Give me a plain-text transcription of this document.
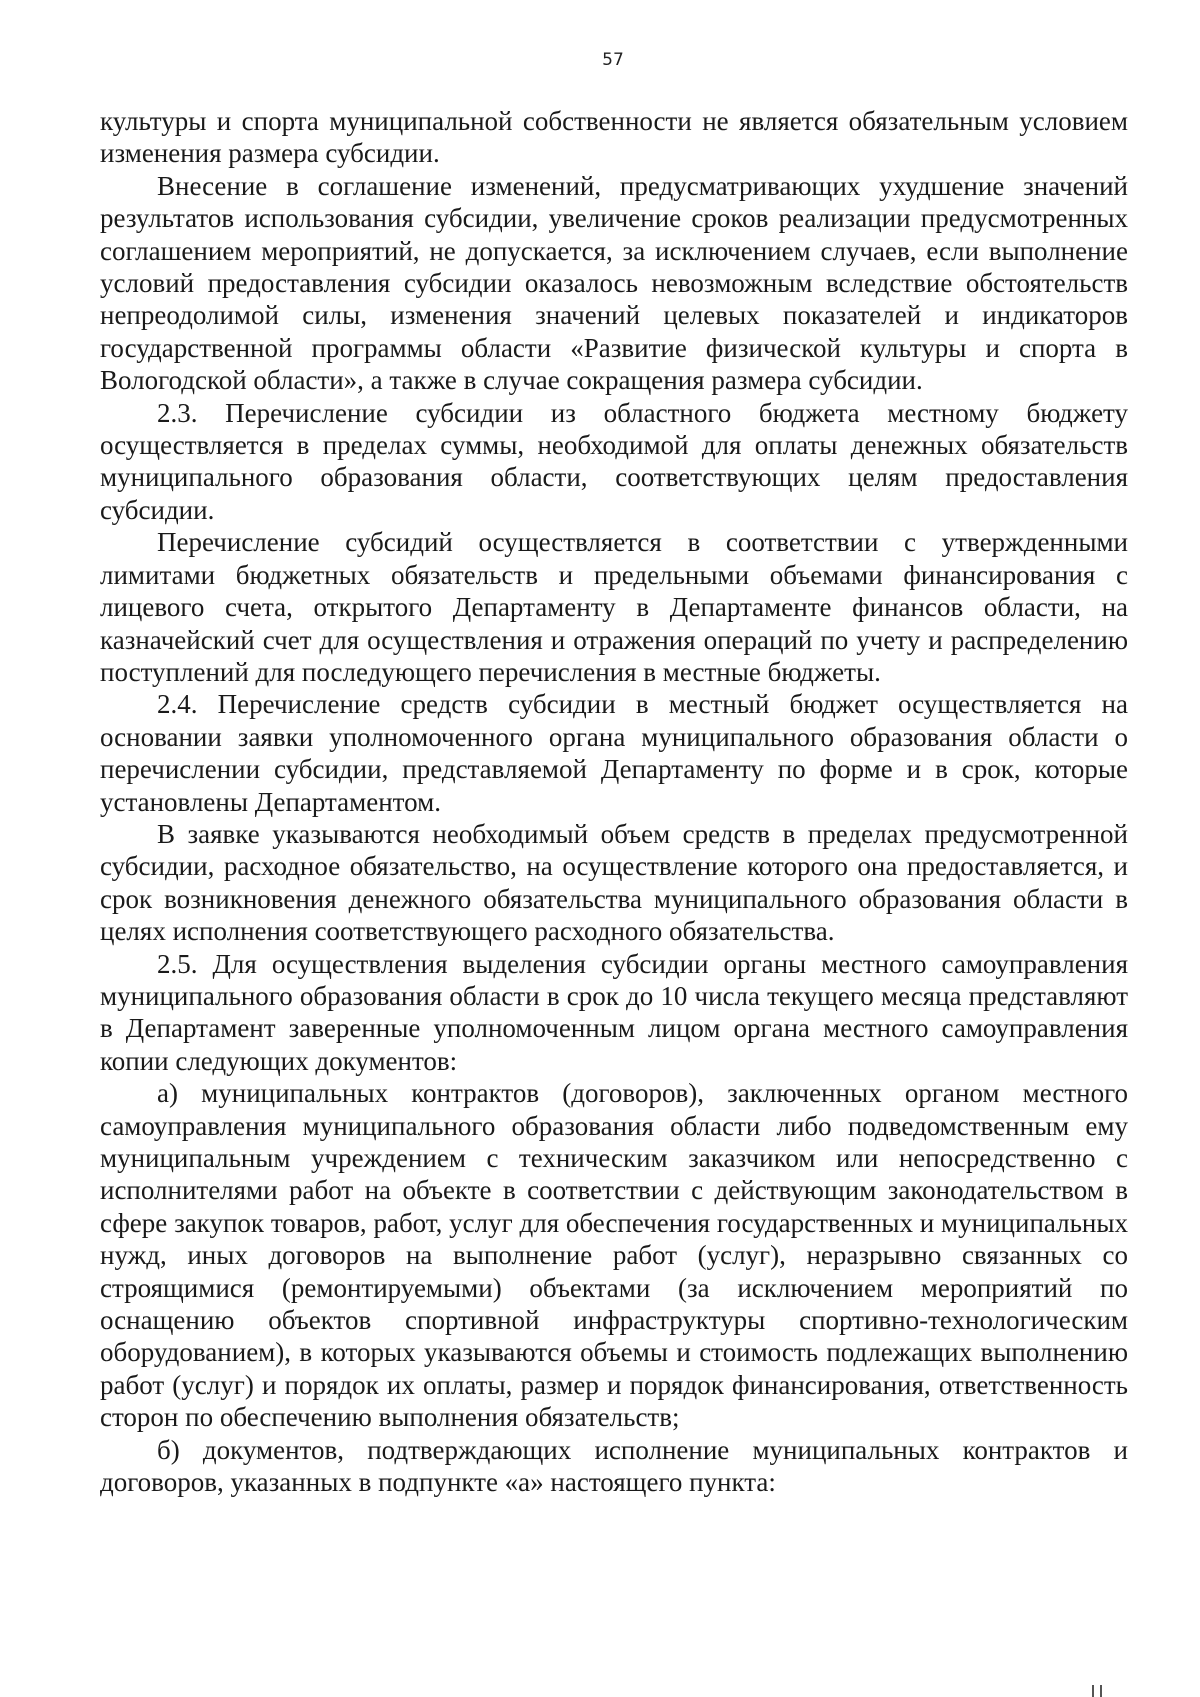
57

культуры и спорта муниципальной собственности не является обязательным условием изменения размера субсидии.

Внесение в соглашение изменений, предусматривающих ухудшение значений результатов использования субсидии, увеличение сроков реализации предусмотренных соглашением мероприятий, не допускается, за исключением случаев, если выполнение условий предоставления субсидии оказалось невозможным вследствие обстоятельств непреодолимой силы, изменения значений целевых показателей и индикаторов государственной программы области «Развитие физической культуры и спорта в Вологодской области», а также в случае сокращения размера субсидии.

2.3. Перечисление субсидии из областного бюджета местному бюджету осуществляется в пределах суммы, необходимой для оплаты денежных обязательств муниципального образования области, соответствующих целям предоставления субсидии.

Перечисление субсидий осуществляется в соответствии с утвержденными лимитами бюджетных обязательств и предельными объемами финансирования с лицевого счета, открытого Департаменту в Департаменте финансов области, на казначейский счет для осуществления и отражения операций по учету и распределению поступлений для последующего перечисления в местные бюджеты.

2.4. Перечисление средств субсидии в местный бюджет осуществляется на основании заявки уполномоченного органа муниципального образования области о перечислении субсидии, представляемой Департаменту по форме и в срок, которые установлены Департаментом.

В заявке указываются необходимый объем средств в пределах предусмотренной субсидии, расходное обязательство, на осуществление которого она предоставляется, и срок возникновения денежного обязательства муниципального образования области в целях исполнения соответствующего расходного обязательства.

2.5. Для осуществления выделения субсидии органы местного самоуправления муниципального образования области в срок до 10 числа текущего месяца представляют в Департамент заверенные уполномоченным лицом органа местного самоуправления копии следующих документов:

а) муниципальных контрактов (договоров), заключенных органом местного самоуправления муниципального образования области либо подведомственным ему муниципальным учреждением с техническим заказчиком или непосредственно с исполнителями работ на объекте в соответствии с действующим законодательством в сфере закупок товаров, работ, услуг для обеспечения государственных и муниципальных нужд, иных договоров на выполнение работ (услуг), неразрывно связанных со строящимися (ремонтируемыми) объектами (за исключением мероприятий по оснащению объектов спортивной инфраструктуры спортивно-технологическим оборудованием), в которых указываются объемы и стоимость подлежащих выполнению работ (услуг) и порядок их оплаты, размер и порядок финансирования, ответственность сторон по обеспечению выполнения обязательств;

б) документов, подтверждающих исполнение муниципальных контрактов и договоров, указанных в подпункте «а» настоящего пункта:
